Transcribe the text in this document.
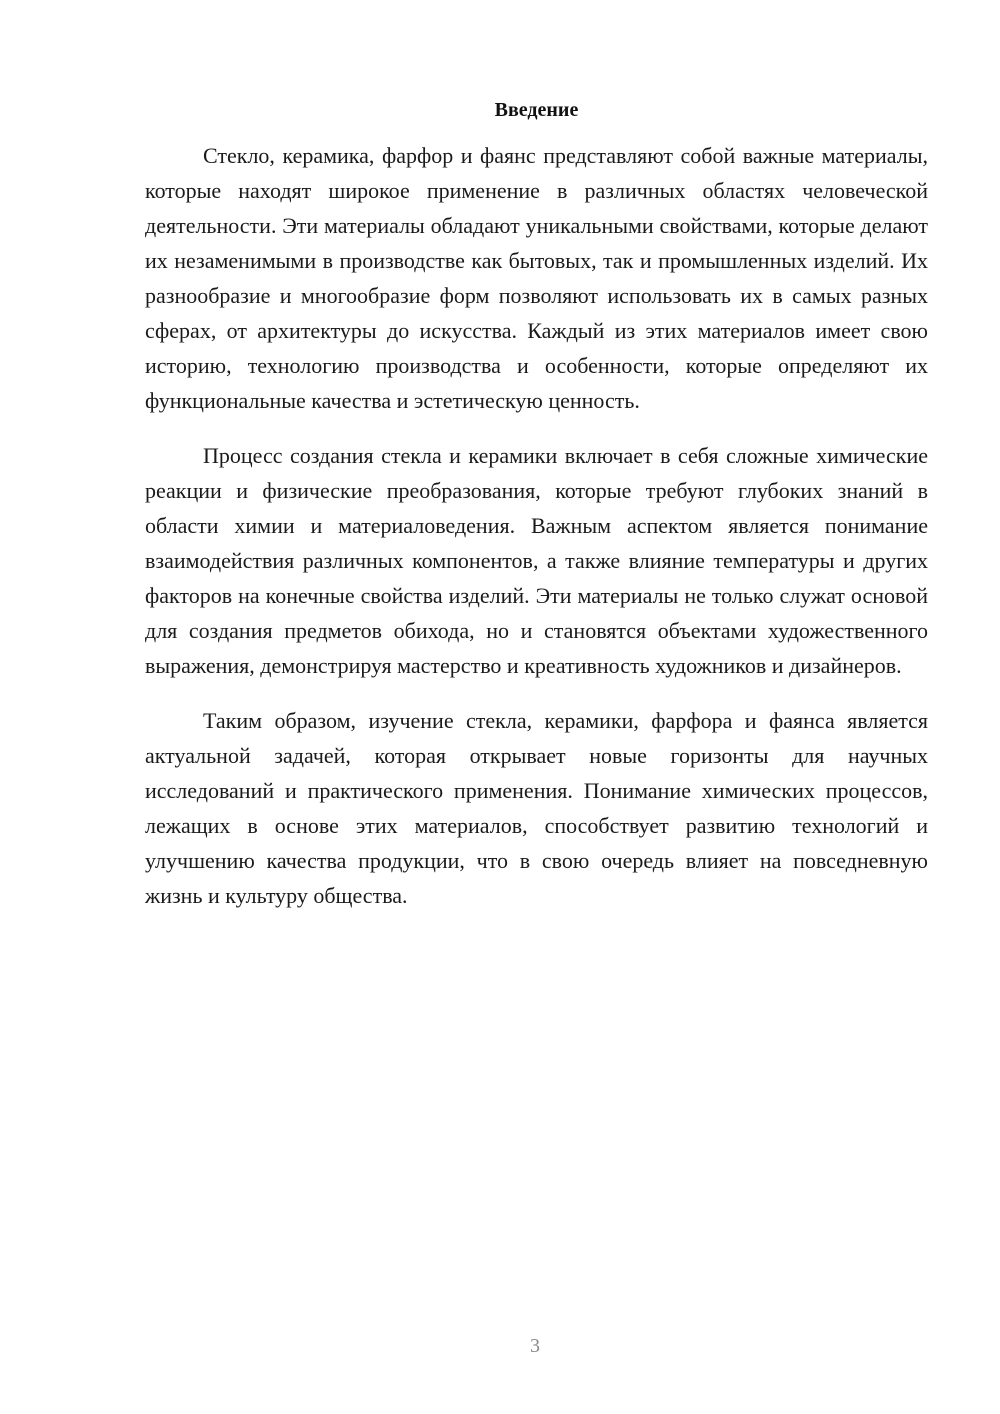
Введение

Стекло, керамика, фарфор и фаянс представляют собой важные материалы, которые находят широкое применение в различных областях человеческой деятельности. Эти материалы обладают уникальными свойствами, которые делают их незаменимыми в производстве как бытовых, так и промышленных изделий. Их разнообразие и многообразие форм позволяют использовать их в самых разных сферах, от архитектуры до искусства. Каждый из этих материалов имеет свою историю, технологию производства и особенности, которые определяют их функциональные качества и эстетическую ценность.

Процесс создания стекла и керамики включает в себя сложные химические реакции и физические преобразования, которые требуют глубоких знаний в области химии и материаловедения. Важным аспектом является понимание взаимодействия различных компонентов, а также влияние температуры и других факторов на конечные свойства изделий. Эти материалы не только служат основой для создания предметов обихода, но и становятся объектами художественного выражения, демонстрируя мастерство и креативность художников и дизайнеров.

Таким образом, изучение стекла, керамики, фарфора и фаянса является актуальной задачей, которая открывает новые горизонты для научных исследований и практического применения. Понимание химических процессов, лежащих в основе этих материалов, способствует развитию технологий и улучшению качества продукции, что в свою очередь влияет на повседневную жизнь и культуру общества.

3
